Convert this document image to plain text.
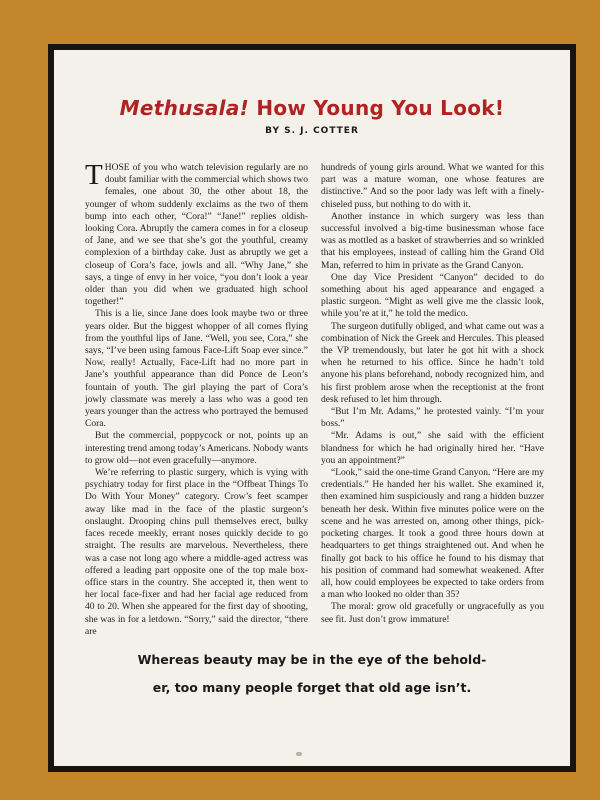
Methusala! How Young You Look!
BY S. J. COTTER

THOSE of you who watch television regularly are no doubt familiar with the commercial which shows two females, one about 30, the other about 18, the younger of whom suddenly exclaims as the two of them bump into each other, “Cora!” “Jane!” replies oldish-looking Cora. Abruptly the camera comes in for a closeup of Jane, and we see that she’s got the youthful, creamy complexion of a birthday cake. Just as abruptly we get a closeup of Cora’s face, jowls and all. “Why Jane,” she says, a tinge of envy in her voice, “you don’t look a year older than you did when we graduated high school together!”

This is a lie, since Jane does look maybe two or three years older. But the biggest whopper of all comes flying from the youthful lips of Jane. “Well, you see, Cora,” she says, “I’ve been using famous Face-Lift Soap ever since.” Now, really! Actually, Face-Lift had no more part in Jane’s youthful appearance than did Ponce de Leon’s fountain of youth. The girl playing the part of Cora’s jowly classmate was merely a lass who was a good ten years younger than the actress who portrayed the bemused Cora.

But the commercial, poppycock or not, points up an interesting trend among today’s Americans. Nobody wants to grow old—not even gracefully—anymore.

We’re referring to plastic surgery, which is vying with psychiatry today for first place in the “Offbeat Things To Do With Your Money” category. Crow’s feet scamper away like mad in the face of the plastic surgeon’s onslaught. Drooping chins pull themselves erect, bulky faces recede meekly, errant noses quickly decide to go straight. The results are marvelous. Nevertheless, there was a case not long ago where a middle-aged actress was offered a leading part opposite one of the top male box-office stars in the country. She accepted it, then went to her local face-fixer and had her facial age reduced from 40 to 20. When she appeared for the first day of shooting, she was in for a letdown. “Sorry,” said the director, “there are

hundreds of young girls around. What we wanted for this part was a mature woman, one whose features are distinctive.” And so the poor lady was left with a finely-chiseled puss, but nothing to do with it.

Another instance in which surgery was less than successful involved a big-time businessman whose face was as mottled as a basket of strawberries and so wrinkled that his employees, instead of calling him the Grand Old Man, referred to him in private as the Grand Canyon.

One day Vice President “Canyon” decided to do something about his aged appearance and engaged a plastic surgeon. “Might as well give me the classic look, while you’re at it,” he told the medico.

The surgeon dutifully obliged, and what came out was a combination of Nick the Greek and Hercules. This pleased the VP tremendously, but later he got hit with a shock when he returned to his office. Since he hadn’t told anyone his plans beforehand, nobody recognized him, and his first problem arose when the receptionist at the front desk refused to let him through.

“But I’m Mr. Adams,” he protested vainly. “I’m your boss.”

“Mr. Adams is out,” she said with the efficient blandness for which he had originally hired her. “Have you an appointment?”

“Look,” said the one-time Grand Canyon. “Here are my credentials.” He handed her his wallet. She examined it, then examined him suspiciously and rang a hidden buzzer beneath her desk. Within five minutes police were on the scene and he was arrested on, among other things, pick-pocketing charges. It took a good three hours down at headquarters to get things straightened out. And when he finally got back to his office he found to his dismay that his position of command had somewhat weakened. After all, how could employees be expected to take orders from a man who looked no older than 35?

The moral: grow old gracefully or ungracefully as you see fit. Just don’t grow immature!

Whereas beauty may be in the eye of the behold-
er, too many people forget that old age isn’t.
